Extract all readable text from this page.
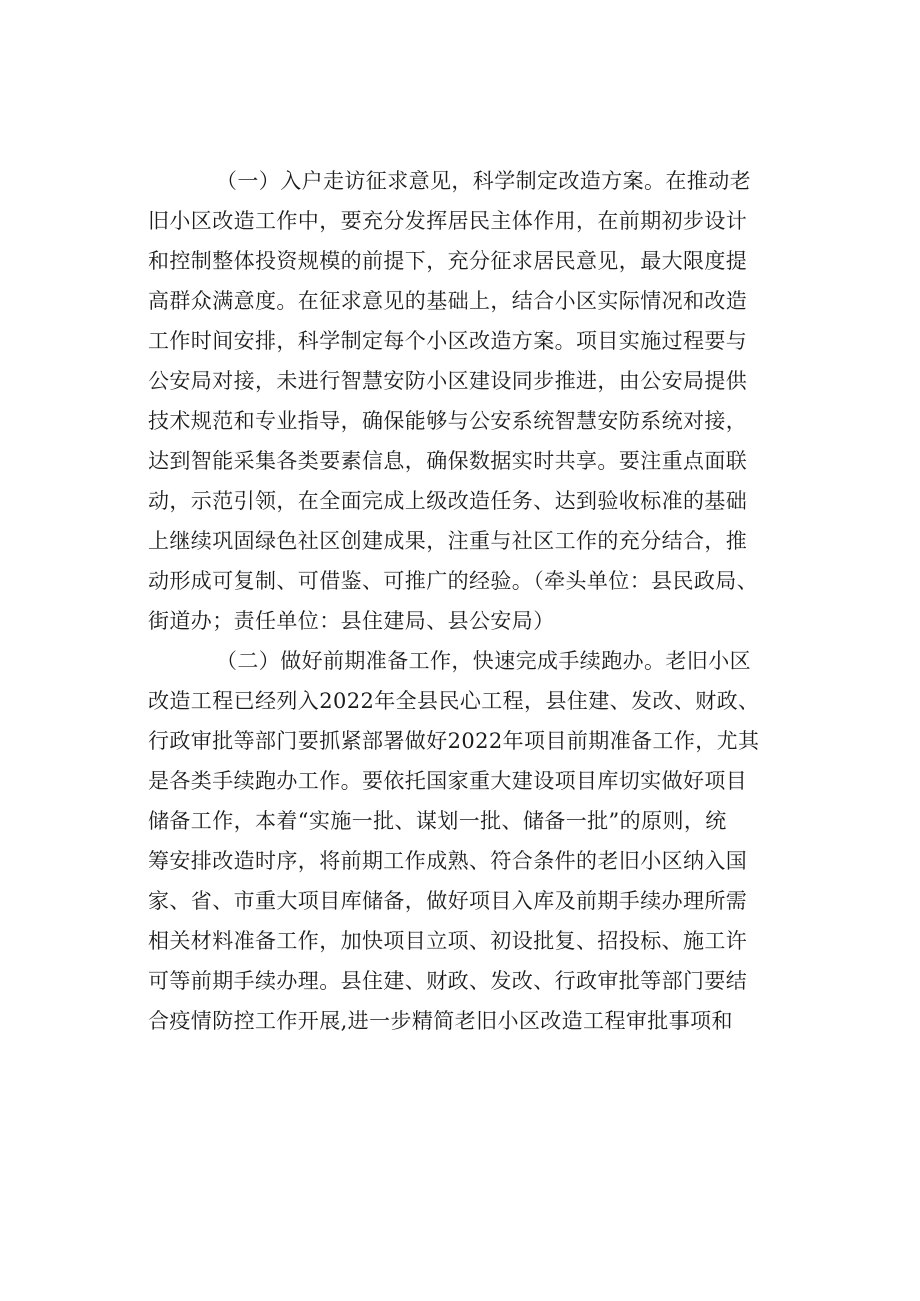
（一）入户走访征求意见，科学制定改造方案。在推动老
旧小区改造工作中，要充分发挥居民主体作用，在前期初步设计
和控制整体投资规模的前提下，充分征求居民意见，最大限度提
高群众满意度。在征求意见的基础上，结合小区实际情况和改造
工作时间安排，科学制定每个小区改造方案。项目实施过程要与
公安局对接，未进行智慧安防小区建设同步推进，由公安局提供
技术规范和专业指导，确保能够与公安系统智慧安防系统对接，
达到智能采集各类要素信息，确保数据实时共享。要注重点面联
动，示范引领，在全面完成上级改造任务、达到验收标准的基础
上继续巩固绿色社区创建成果，注重与社区工作的充分结合，推
动形成可复制、可借鉴、可推广的经验。（牵头单位：县民政局、
街道办；责任单位：县住建局、县公安局）
（二）做好前期准备工作，快速完成手续跑办。老旧小区
改造工程已经列入2022年全县民心工程，县住建、发改、财政、
行政审批等部门要抓紧部署做好2022年项目前期准备工作，尤其
是各类手续跑办工作。要依托国家重大建设项目库切实做好项目
储备工作，本着“实施一批、谋划一批、储备一批”的原则，统
筹安排改造时序，将前期工作成熟、符合条件的老旧小区纳入国
家、省、市重大项目库储备，做好项目入库及前期手续办理所需
相关材料准备工作，加快项目立项、初设批复、招投标、施工许
可等前期手续办理。县住建、财政、发改、行政审批等部门要结
合疫情防控工作开展,进一步精简老旧小区改造工程审批事项和
